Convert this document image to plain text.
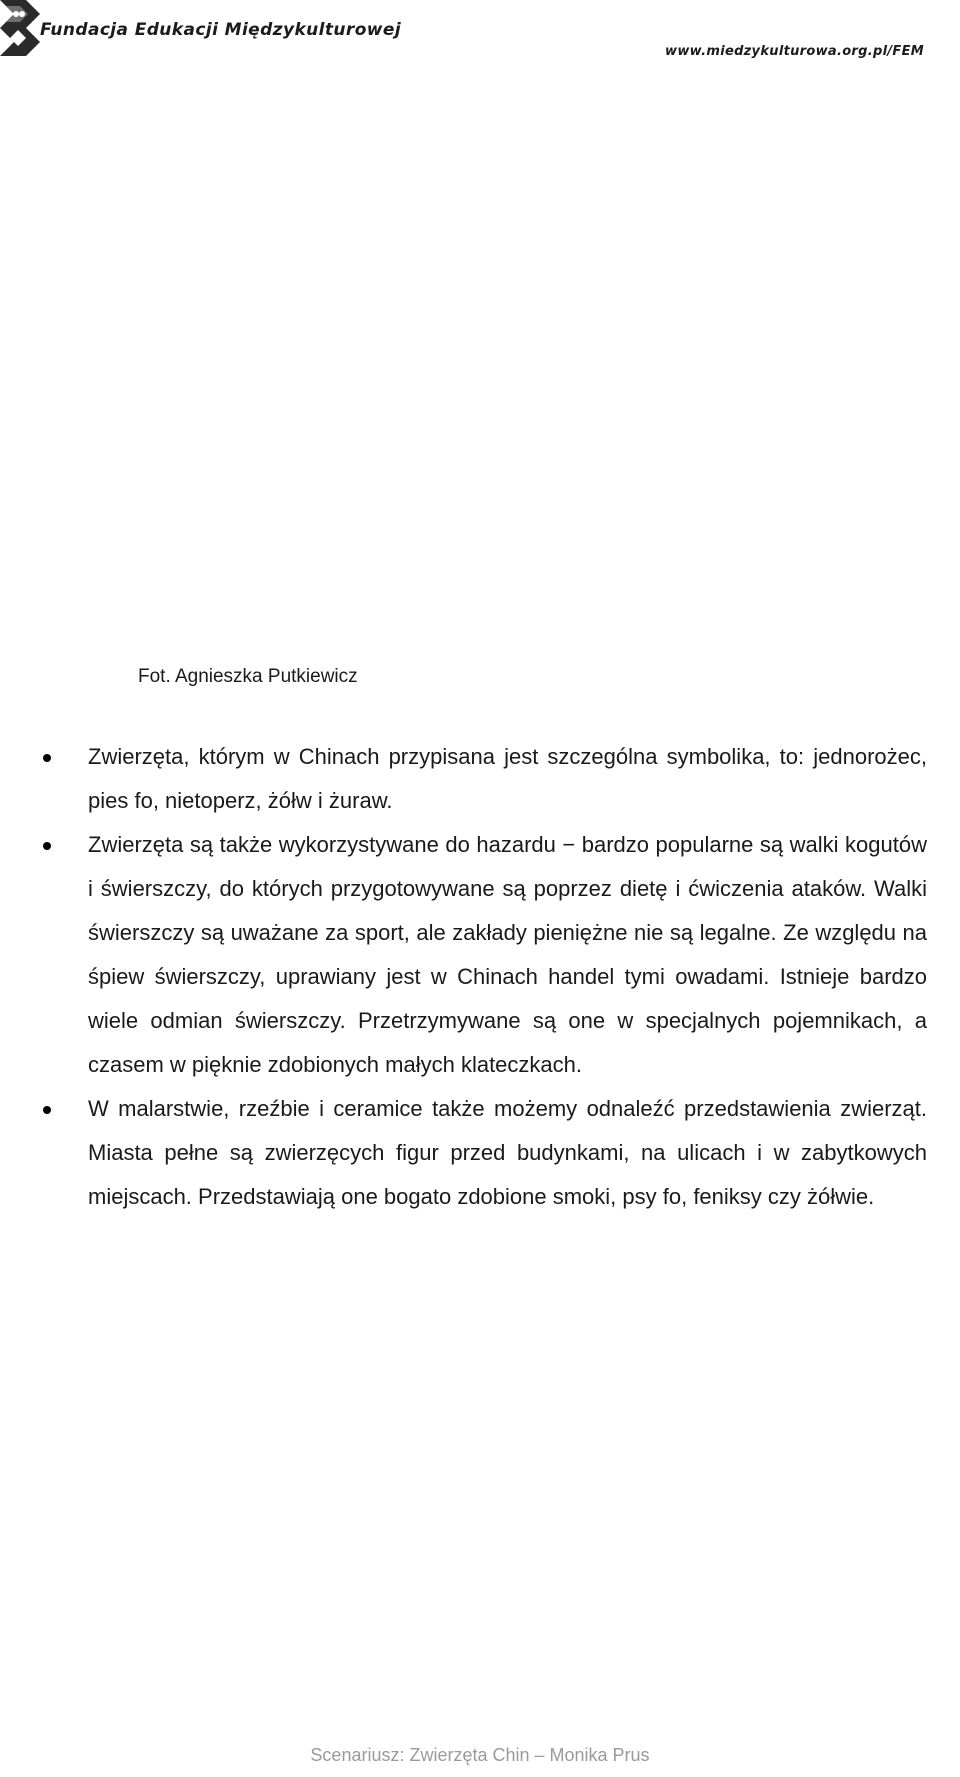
Fundacja Edukacji Międzykulturowej
www.miedzykulturowa.org.pl/FEM
Fot. Agnieszka Putkiewicz
Zwierzęta, którym w Chinach przypisana jest szczególna symbolika, to: jednorożec, pies fo, nietoperz, żółw i żuraw.
Zwierzęta są także wykorzystywane do hazardu − bardzo popularne są walki kogutów i świerszczy, do których przygotowywane są poprzez dietę i ćwiczenia ataków. Walki świerszczy są uważane za sport, ale zakłady pieniężne nie są legalne. Ze względu na śpiew świerszczy, uprawiany jest w Chinach handel tymi owadami. Istnieje bardzo wiele odmian świerszczy. Przetrzymywane są one w specjalnych pojemnikach, a czasem w pięknie zdobionych małych klateczkach.
W malarstwie, rzeźbie i ceramice także możemy odnaleźć przedstawienia zwierząt. Miasta pełne są zwierzęcych figur przed budynkami, na ulicach i w zabytkowych miejscach. Przedstawiają one bogato zdobione smoki, psy fo, feniksy czy żółwie.
Scenariusz: Zwierzęta Chin – Monika Prus
